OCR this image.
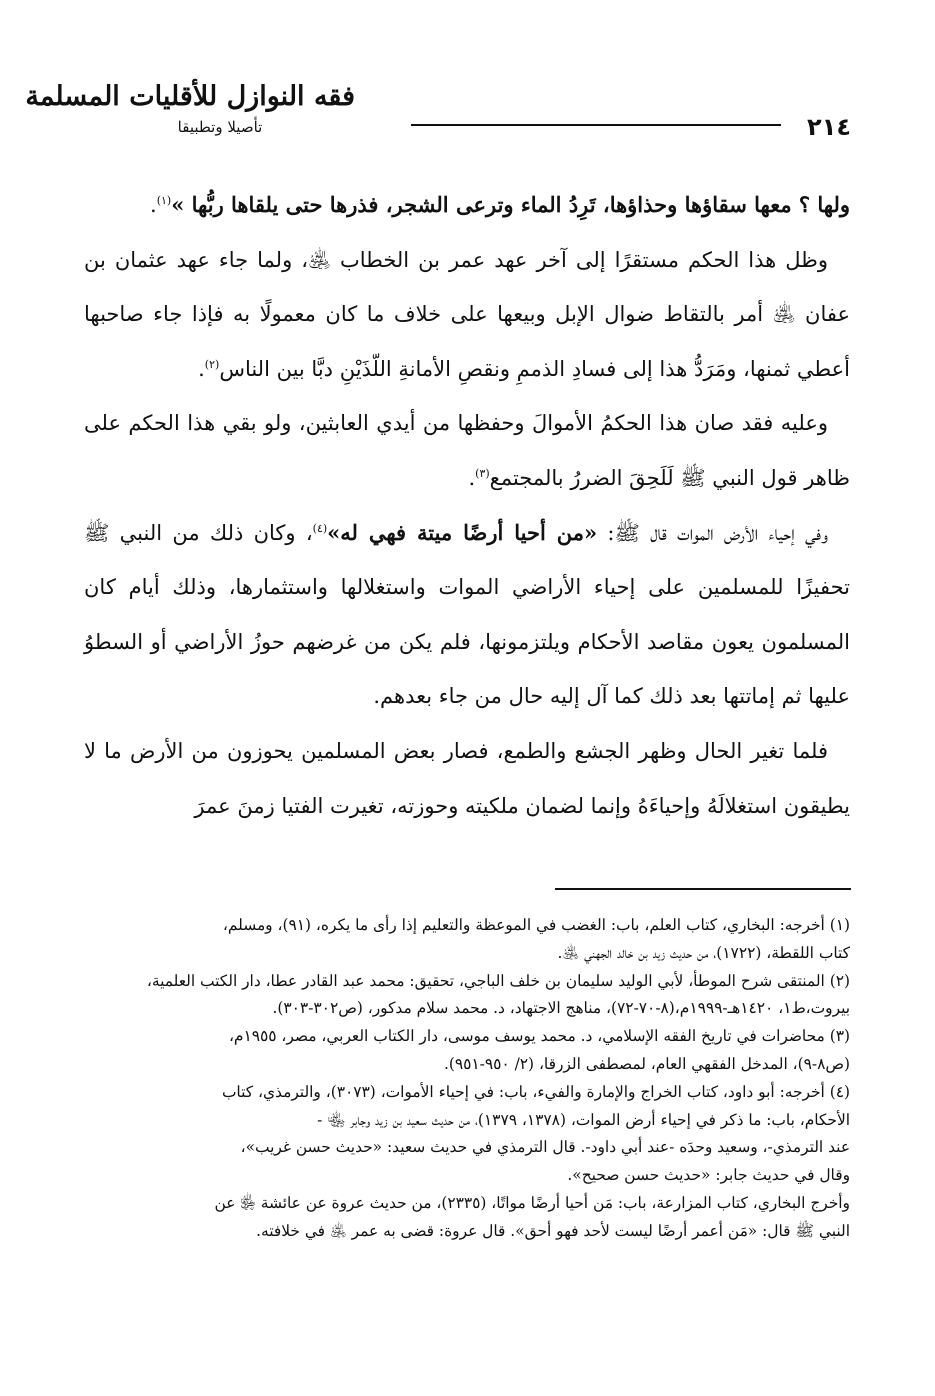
٢١٤
فقه النوازل للأقليات المسلمة
تأصيلا وتطبيقا

ولها ؟ معها سقاؤها وحذاؤها، تَرِدُ الماء وترعى الشجر، فذرها حتى يلقاها ربُّها »$^{(١)}$.

وظل هذا الحكم مستقرًا إلى آخر عهد عمر بن الخطاب ﵁، ولما جاء عهد عثمان بن عفان ﵁ أمر بالتقاط ضوال الإبل وبيعها على خلاف ما كان معمولًا به فإذا جاء صاحبها أعطي ثمنها، ومَرَدُّ هذا إلى فسادِ الذممِ ونقصِ الأمانةِ اللّذَيْنِ دبَّا بين الناس$^{(٢)}$.

وعليه فقد صان هذا الحكمُ الأموالَ وحفظها من أيدي العابثين، ولو بقي هذا الحكم على ظاهر قول النبي ﷺ لَلَحِقَ الضررُ بالمجتمع$^{(٣)}$.

وفي إحياء الأرض الموات قال ﷺ: «من أحيا أرضًا ميتة فهي له»$^{(٤)}$، وكان ذلك من النبي ﷺ تحفيزًا للمسلمين على إحياء الأراضي الموات واستغلالها واستثمارها، وذلك أيام كان المسلمون يعون مقاصد الأحكام ويلتزمونها، فلم يكن من غرضهم حوزُ الأراضي أو السطوُ عليها ثم إماتتها بعد ذلك كما آل إليه حال من جاء بعدهم.

فلما تغير الحال وظهر الجشع والطمع، فصار بعض المسلمين يحوزون من الأرض ما لا يطيقون استغلالَهُ وإحياءَهُ وإنما لضمان ملكيته وحوزته، تغيرت الفتيا زمنَ عمرَ

(١) أخرجه: البخاري، كتاب العلم، باب: الغضب في الموعظة والتعليم إذا رأى ما يكره، (٩١)، ومسلم،
كتاب اللقطة، (١٧٢٢)، من حديث زيد بن خالد الجهني ﵁.
(٢) المنتقى شرح الموطأ، لأبي الوليد سليمان بن خلف الباجي، تحقيق: محمد عبد القادر عطا، دار الكتب العلمية،
بيروت،ط١، ١٤٢٠هـ-١٩٩٩م،(٨-٧٠-٧٢)، مناهج الاجتهاد، د. محمد سلام مدكور، (ص٣٠٢-٣٠٣).
(٣) محاضرات في تاريخ الفقه الإسلامي، د. محمد يوسف موسى، دار الكتاب العربي، مصر، ١٩٥٥م،
(ص٨-٩)، المدخل الفقهي العام، لمصطفى الزرقا، (٢/ ٩٥٠-٩٥١).
(٤) أخرجه: أبو داود، كتاب الخراج والإمارة والفيء، باب: في إحياء الأموات، (٣٠٧٣)، والترمذي، كتاب
الأحكام، باب: ما ذكر في إحياء أرض الموات، (١٣٧٨، ١٣٧٩)، من حديث سعيد بن زيد وجابر ﵄ -
عند الترمذي-، وسعيد وحدَه -عند أبي داود-. قال الترمذي في حديث سعيد: «حديث حسن غريب»،
وقال في حديث جابر: «حديث حسن صحيح».
وأخرج البخاري، كتاب المزارعة، باب: مَن أحيا أرضًا مواتًا، (٢٣٣٥)، من حديث عروة عن عائشة ﵂ عن
النبي ﷺ قال: «مَن أعمر أرضًا ليست لأحد فهو أحق». قال عروة: قضى به عمر ﵁ في خلافته.
